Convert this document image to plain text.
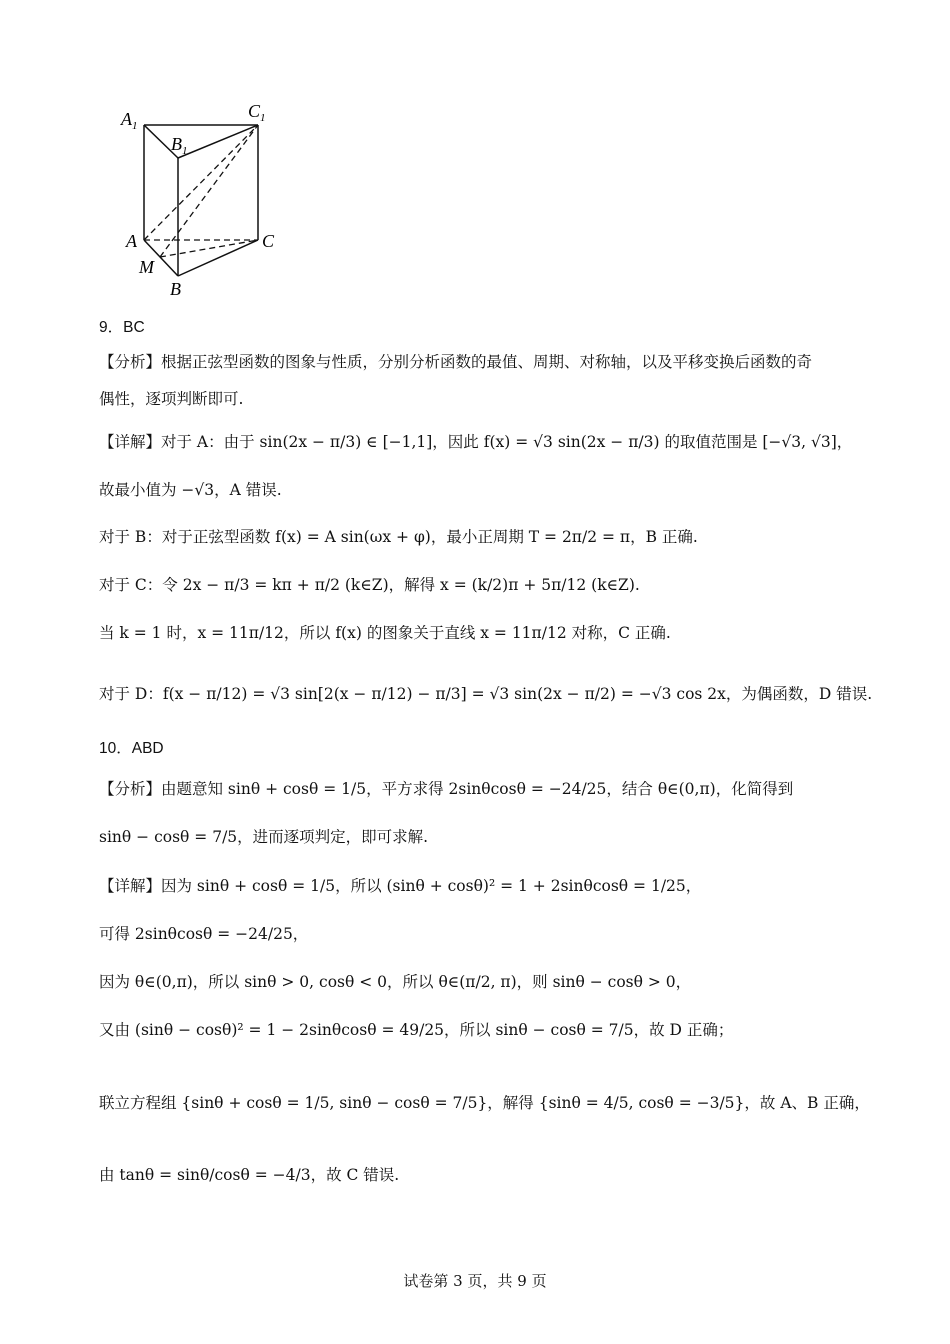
$A_1$
$B_1$
$C_1$
A	C
M
B
9．BC
【分析】根据正弦型函数的图象与性质，分别分析函数的最值、周期、对称轴，以及平移变换后函数的奇
偶性，逐项判断即可.
【详解】对于 A：由于 sin(2x − π/3) ∈ [−1,1]，因此 f(x) = √3 sin(2x − π/3) 的取值范围是 [−√3, √3]，
故最小值为 −√3，A 错误.
对于 B：对于正弦型函数 f(x) = A sin(ωx + φ)，最小正周期 T = 2π/2 = π，B 正确.
对于 C：令 2x − π/3 = kπ + π/2 (k∈Z)，解得 x = (k/2)π + 5π/12 (k∈Z).
当 k = 1 时，x = 11π/12，所以 f(x) 的图象关于直线 x = 11π/12 对称，C 正确.
对于 D：f(x − π/12) = √3 sin[2(x − π/12) − π/3] = √3 sin(2x − π/2) = −√3 cos 2x，为偶函数，D 错误.
10．ABD
【分析】由题意知 sinθ + cosθ = 1/5，平方求得 2sinθcosθ = −24/25，结合 θ∈(0,π)，化简得到
sinθ − cosθ = 7/5，进而逐项判定，即可求解.
【详解】因为 sinθ + cosθ = 1/5，所以 (sinθ + cosθ)² = 1 + 2sinθcosθ = 1/25，
可得 2sinθcosθ = −24/25，
因为 θ∈(0,π)，所以 sinθ > 0, cosθ < 0，所以 θ∈(π/2, π)，则 sinθ − cosθ > 0，
又由 (sinθ − cosθ)² = 1 − 2sinθcosθ = 49/25，所以 sinθ − cosθ = 7/5，故 D 正确；
联立方程组 {sinθ + cosθ = 1/5, sinθ − cosθ = 7/5}，解得 {sinθ = 4/5, cosθ = −3/5}，故 A、B 正确，
由 tanθ = sinθ/cosθ = −4/3，故 C 错误.
试卷第 3 页，共 9 页
